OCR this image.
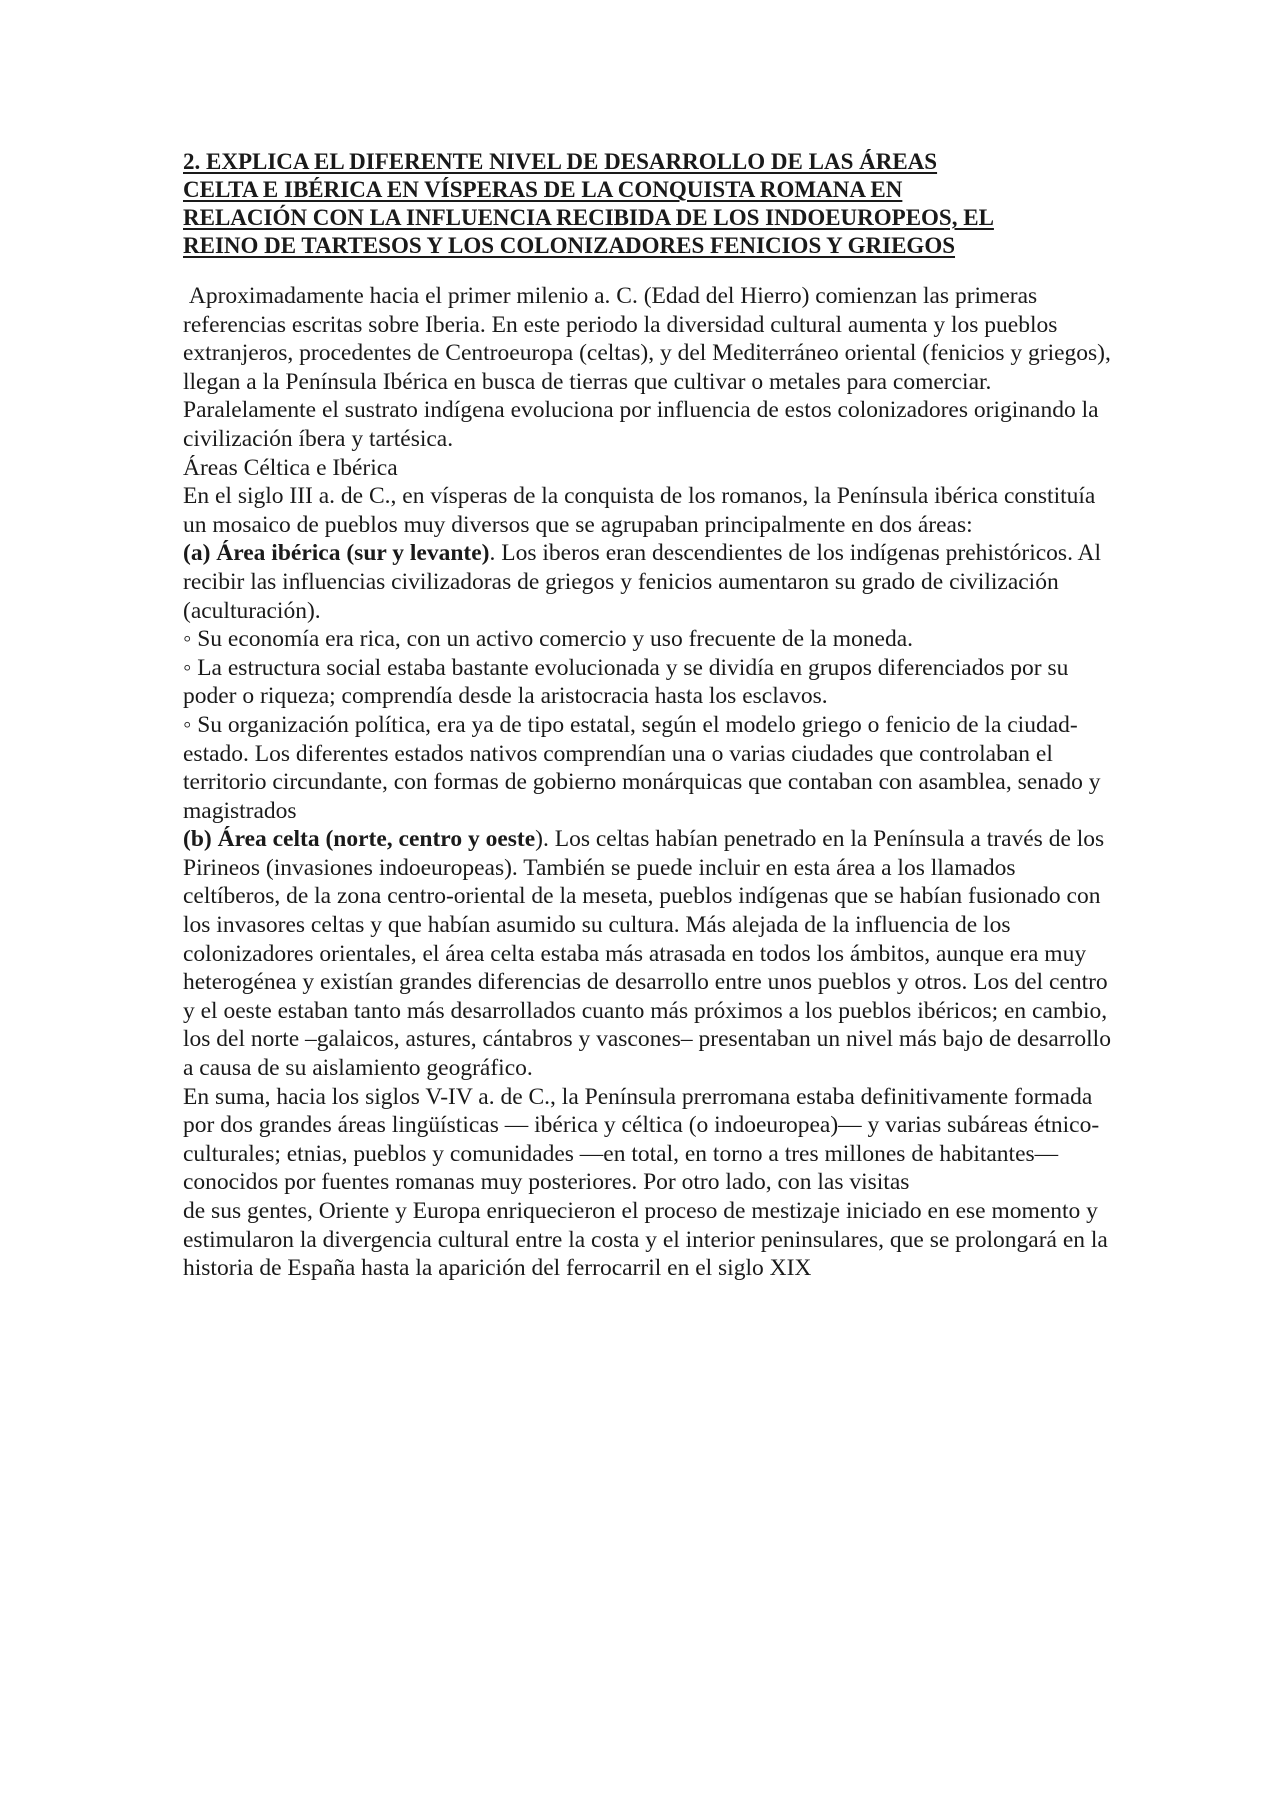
2. EXPLICA EL DIFERENTE NIVEL DE DESARROLLO DE LAS ÁREAS
CELTA E IBÉRICA EN VÍSPERAS DE LA CONQUISTA ROMANA EN
RELACIÓN CON LA INFLUENCIA RECIBIDA DE LOS INDOEUROPEOS, EL
REINO DE TARTESOS Y LOS COLONIZADORES FENICIOS Y GRIEGOS

Aproximadamente hacia el primer milenio a. C. (Edad del Hierro) comienzan las primeras referencias escritas sobre Iberia. En este periodo la diversidad cultural aumenta y los pueblos extranjeros, procedentes de Centroeuropa (celtas), y del Mediterráneo oriental (fenicios y griegos), llegan a la Península Ibérica en busca de tierras que cultivar o metales para comerciar. Paralelamente el sustrato indígena evoluciona por influencia de estos colonizadores originando la civilización íbera y tartésica.

Áreas Céltica e Ibérica

En el siglo III a. de C., en vísperas de la conquista de los romanos, la Península ibérica constituía un mosaico de pueblos muy diversos que se agrupaban principalmente en dos áreas:

(a) Área ibérica (sur y levante). Los iberos eran descendientes de los indígenas prehistóricos. Al recibir las influencias civilizadoras de griegos y fenicios aumentaron su grado de civilización (aculturación).

◦ Su economía era rica, con un activo comercio y uso frecuente de la moneda.

◦ La estructura social estaba bastante evolucionada y se dividía en grupos diferenciados por su poder o riqueza; comprendía desde la aristocracia hasta los esclavos.

◦ Su organización política, era ya de tipo estatal, según el modelo griego o fenicio de la ciudad-estado. Los diferentes estados nativos comprendían una o varias ciudades que controlaban el territorio circundante, con formas de gobierno monárquicas que contaban con asamblea, senado y magistrados

(b) Área celta (norte, centro y oeste). Los celtas habían penetrado en la Península a través de los Pirineos (invasiones indoeuropeas). También se puede incluir en esta área a los llamados celtíberos, de la zona centro-oriental de la meseta, pueblos indígenas que se habían fusionado con los invasores celtas y que habían asumido su cultura. Más alejada de la influencia de los colonizadores orientales, el área celta estaba más atrasada en todos los ámbitos, aunque era muy heterogénea y existían grandes diferencias de desarrollo entre unos pueblos y otros. Los del centro y el oeste estaban tanto más desarrollados cuanto más próximos a los pueblos ibéricos; en cambio, los del norte –galaicos, astures, cántabros y vascones– presentaban un nivel más bajo de desarrollo a causa de su aislamiento geográfico.

En suma, hacia los siglos V-IV a. de C., la Península prerromana estaba definitivamente formada por dos grandes áreas lingüísticas — ibérica y céltica (o indoeuropea)— y varias subáreas étnico-culturales; etnias, pueblos y comunidades —en total, en torno a tres millones de habitantes— conocidos por fuentes romanas muy posteriores. Por otro lado, con las visitas

de sus gentes, Oriente y Europa enriquecieron el proceso de mestizaje iniciado en ese momento y estimularon la divergencia cultural entre la costa y el interior peninsulares, que se prolongará en la historia de España hasta la aparición del ferrocarril en el siglo XIX
